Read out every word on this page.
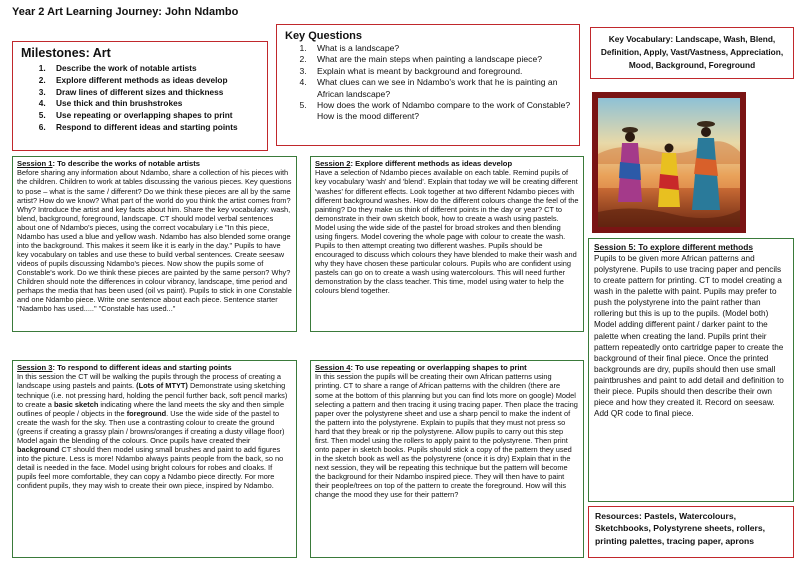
Year 2 Art Learning Journey: John Ndambo
Milestones: Art
1. Describe the work of notable artists
2. Explore different methods as ideas develop
3. Draw lines of different sizes and thickness
4. Use thick and thin brushstrokes
5. Use repeating or overlapping shapes to print
6. Respond to different ideas and starting points
Key Questions
1. What is a landscape?
2. What are the main steps when painting a landscape piece?
3. Explain what is meant by background and foreground.
4. What clues can we see in Ndambo's work that he is painting an African landscape?
5. How does the work of Ndambo compare to the work of Constable? How is the mood different?
Key Vocabulary: Landscape, Wash, Blend, Definition, Apply, Vast/Vastness, Appreciation, Mood, Background, Foreground
Session 1: To describe the works of notable artists
Before sharing any information about Ndambo, share a collection of his pieces with the children. Children to work at tables discussing the various pieces. Key questions to pose – what is the same / different? Do we think these pieces are all by the same artist? How do we know? What part of the world do you think the artist comes from? Why? Introduce the artist and key facts about him. Share the key vocabulary: wash, blend, background, foreground, landscape. CT should model verbal sentences about one of Ndambo's pieces, using the correct vocabulary i.e "In this piece, Ndambo has used a blue and yellow wash. Ndambo has also blended some orange into the background. This makes it seem like it is early in the day." Pupils to have key vocabulary on tables and use these to build verbal sentences. Create seesaw videos of pupils discussing Ndambo's pieces. Now show the pupils some of Constable's work. Do we think these pieces are painted by the same person? Why? Children should note the differences in colour vibrancy, landscape, time period and perhaps the media that has been used (oil vs paint). Pupils to stick in one Constable and one Ndambo piece. Write one sentence about each piece. Sentence starter "Nadambo has used....." "Constable has used..."
Session 2: Explore different methods as ideas develop
Have a selection of Ndambo pieces available on each table. Remind pupils of key vocabulary 'wash' and 'blend'. Explain that today we will be creating different 'washes' for different effects. Look together at two different Ndambo pieces with different background washes. How do the different colours change the feel of the painting? Do they make us think of different points in the day or year? CT to demonstrate in their own sketch book, how to create a wash using pastels. Model using the wide side of the pastel for broad strokes and then blending using fingers. Model covering the whole page with colour to create the wash. Pupils to then attempt creating two different washes. Pupils should be encouraged to discuss which colours they have blended to make their wash and why they have chosen these particular colours. Pupils who are confident using pastels can go on to create a wash using watercolours. This will need further demonstration by the class teacher. This time, model using water to help the colours blend together.
Session 3: To respond to different ideas and starting points
In this session the CT will be walking the pupils through the process of creating a landscape using pastels and paints. (Lots of MTYT) Demonstrate using sketching technique (i.e. not pressing hard, holding the pencil further back, soft pencil marks) to create a basic sketch indicating where the land meets the sky and then simple outlines of people / objects in the foreground. Use the wide side of the pastel to create the wash for the sky. Then use a contrasting colour to create the ground (greens if creating a grassy plain / browns/oranges if creating a dusty village floor) Model again the blending of the colours. Once pupils have created their background CT should then model using small brushes and paint to add figures into the picture. Less is more! Ndambo always paints people from the back, so no detail is needed in the face. Model using bright colours for robes and cloaks. If pupils feel more comfortable, they can copy a Ndambo piece directly. For more confident pupils, they may wish to create their own piece, inspired by Ndambo.
Session 4: To use repeating or overlapping shapes to print
In this session the pupils will be creating their own African patterns using printing. CT to share a range of African patterns with the children (there are some at the bottom of this planning but you can find lots more on google) Model selecting a pattern and then tracing it using tracing paper. Then place the tracing paper over the polystyrene sheet and use a sharp pencil to make the indent of the pattern into the polystyrene. Explain to pupils that they must not press so hard that they break or rip the polystyrene. Allow pupils to carry out this step first. Then model using the rollers to apply paint to the polystyrene. Then print onto paper in sketch books. Pupils should stick a copy of the pattern they used in the sketch book as well as the polystyrene (once it is dry) Explain that in the next session, they will be repeating this technique but the pattern will become the background for their Ndambo inspired piece. They will then have to paint their people/trees on top of the pattern to create the foreground. How will this change the mood they use for their pattern?
Session 5: To explore different methods
Pupils to be given more African patterns and polystyrene. Pupils to use tracing paper and pencils to create pattern for printing. CT to model creating a wash in the palette with paint. Pupils may prefer to push the polystyrene into the paint rather than rollering but this is up to the pupils. (Model both) Model adding different paint / darker paint to the palette when creating the land. Pupils print their pattern repeatedly onto cartridge paper to create the background of their final piece. Once the printed backgrounds are dry, pupils should then use small paintbrushes and paint to add detail and definition to their piece. Pupils should then describe their own piece and how they created it. Record on seesaw. Add QR code to final piece.
Resources: Pastels, Watercolours, Sketchbooks, Polystyrene sheets, rollers, printing palettes, tracing paper, aprons
